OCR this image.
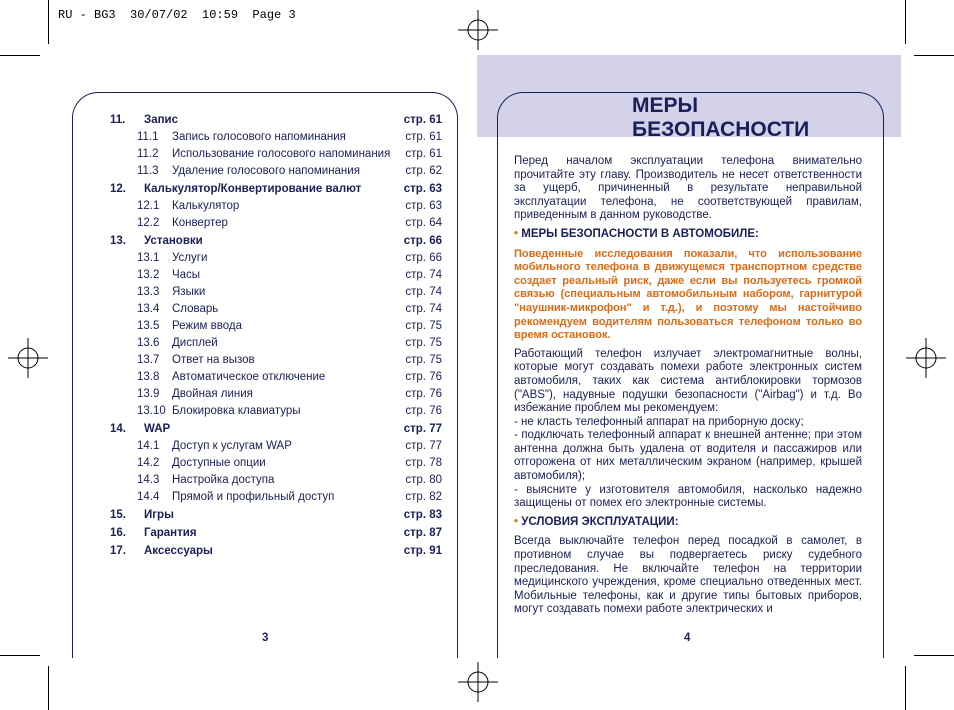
RU - BG3  30/07/02  10:59  Page 3
11.	Запис	стр. 61
11.1	Запись голосового напоминания	стр. 61
11.2	Использование голосового напоминания	стр. 61
11.3	Удаление голосового напоминания	стр. 62
12.	Калькулятор/Конвертирование валют	стр. 63
12.1	Калькулятор	стр. 63
12.2	Конвертер	стр. 64
13.	Установки	стр. 66
13.1	Услуги	стр. 66
13.2	Часы	стр. 74
13.3	Языки	стр. 74
13.4	Словарь	стр. 74
13.5	Режим ввода	стр. 75
13.6	Дисплей	стр. 75
13.7	Ответ на вызов	стр. 75
13.8	Автоматическое отключение	стр. 76
13.9	Двойная линия	стр. 76
13.10 Блокировка клавиатуры	стр. 76
14.	WAP	стр. 77
14.1	Доступ к услугам WAP	стр. 77
14.2	Доступные опции	стр. 78
14.3	Настройка доступа	стр. 80
14.4	Прямой и профильный доступ	стр. 82
15.	Игры	стр. 83
16.	Гарантия	стр. 87
17.	Аксессуары	стр. 91
3
МЕРЫ
БЕЗОПАСНОСТИ

Перед началом эксплуатации телефона внимательно прочитайте эту главу. Производитель не несет ответственности за ущерб, причиненный в результате неправильной эксплуатации телефона, не соответствующей правилам, приведенным в данном руководстве.

• МЕРЫ БЕЗОПАСНОСТИ В АВТОМОБИЛЕ:

Поведенные исследования показали, что использование мобильного телефона в движущемся транспортном средстве создает реальный риск, даже если вы пользуетесь громкой связью (специальным автомобильным набором, гарнитурой "наушник-микрофон" и т.д.), и поэтому мы настойчиво рекомендуем водителям пользоваться телефоном только во время остановок.

Работающий телефон излучает электромагнитные волны, которые могут создавать помехи работе электронных систем автомобиля, таких как система антиблокировки тормозов ("ABS"), надувные подушки безопасности ("Airbag") и т.д. Во избежание проблем мы рекомендуем:

- не класть телефонный аппарат на приборную доску;
- подключать телефонный аппарат к внешней антенне; при этом антенна должна быть удалена от водителя и пассажиров или отгорожена от них металлическим экраном (например, крышей автомобиля);
- выясните у изготовителя автомобиля, насколько надежно защищены от помех его электронные системы.
• УСЛОВИЯ ЭКСПЛУАТАЦИИ:

Всегда выключайте телефон перед посадкой в самолет, в противном случае вы подвергаетесь риску судебного преследования. Не включайте телефон на территории медицинского учреждения, кроме специально отведенных мест. Мобильные телефоны, как и другие типы бытовых приборов, могут создавать помехи работе электрических и

4
